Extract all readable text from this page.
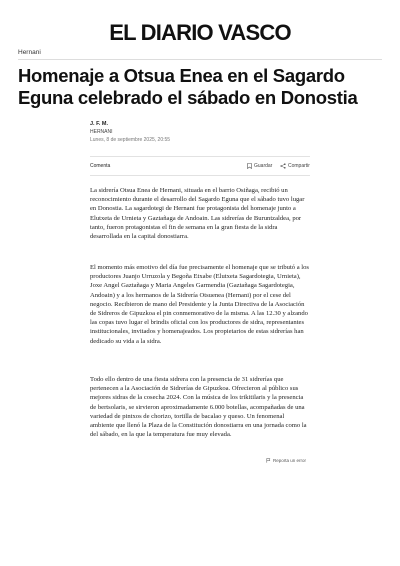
EL DIARIO VASCO
Hernani
Homenaje a Otsua Enea en el Sagardo Eguna celebrado el sábado en Donostia
J. F. M.
HERNANI
Lunes, 8 de septiembre 2025, 20:55
Comenta	Guardar	Compartir

La sidrería Otsua Enea de Hernani, situada en el barrio Osiñaga, recibió un reconocimiento durante el desarrollo del Sagardo Eguna que el sábado tuvo lugar en Donostia. La sagardotegi de Hernani fue protagonista del homenaje junto a Elutxeta de Urnieta y Gaztañaga de Andoain. Las sidrerías de Buruntzaldea, por tanto, fueron protagonistas el fin de semana en la gran fiesta de la sidra desarrollada en la capital donostiarra.

El momento más emotivo del día fue precisamente el homenaje que se tributó a los productores Juanjo Urruzola y Begoña Etxabe (Elutxeta Sagardotegia, Urnieta), Joxe Angel Gaztañaga y Maria Angeles Garmendia (Gaztañaga Sagardotegia, Andoain) y a los hermanos de la Sidrería Otsuenea (Hernani) por el cese del negocio. Recibieron de mano del Presidente y la Junta Directiva de la Asociación de Sidreros de Gipuzkoa el pin conmemorativo de la misma. A las 12.30 y alzando las copas tuvo lugar el brindis oficial con los productores de sidra, representantes institucionales, invitados y homenajeados. Los propietarios de estas sidrerías han dedicado su vida a la sidra.

Todo ello dentro de una fiesta sidrera con la presencia de 31 sidrerías que pertenecen a la Asociación de Sidrerías de Gipuzkoa. Ofrecieron al público sus mejores sidras de la cosecha 2024. Con la música de los trikitilaris y la presencia de bertsolaris, se sirvieron aproximadamente 6.000 botellas, acompañadas de una variedad de pintxos de chorizo, tortilla de bacalao y queso. Un fenomenal ambiente que llenó la Plaza de la Constitución donostiarra en una jornada como la del sábado, en la que la temperatura fue muy elevada.

Reporta un error
